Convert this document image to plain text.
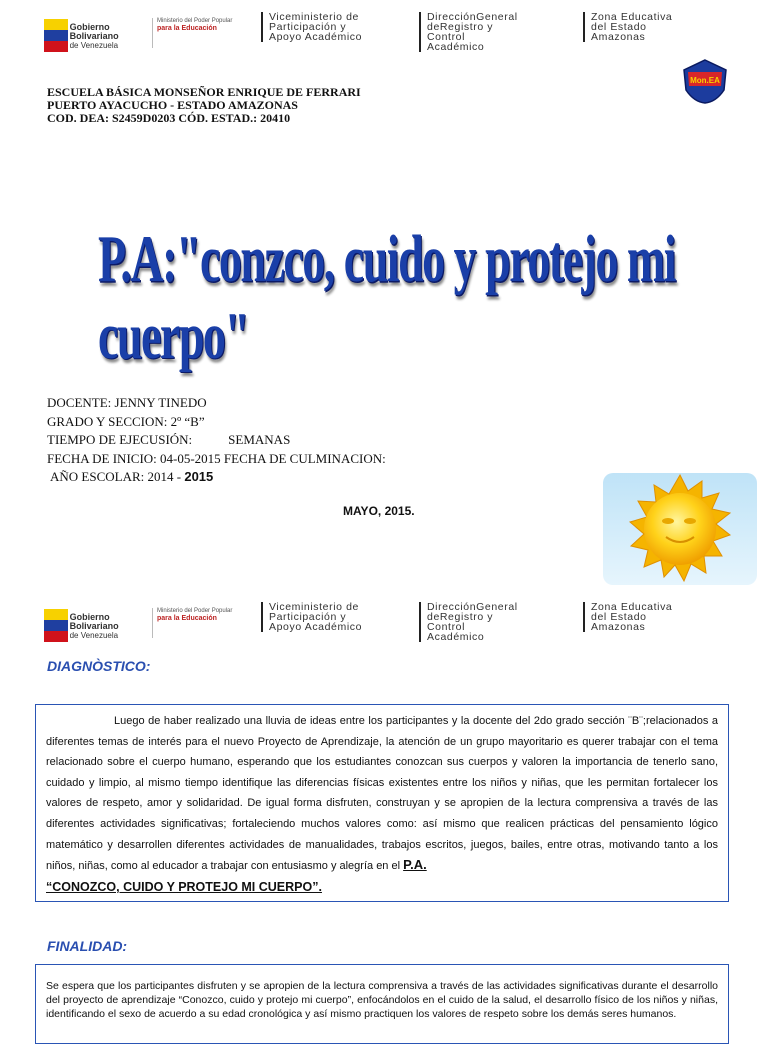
Gobierno Bolivariano
de Venezuela
Ministerio del Poder Popular
para la Educación
Viceministerio de
Participación y
Apoyo Académico
DirecciónGeneral
deRegistro y
Control
Académico
Zona Educativa
del Estado
Amazonas
Mon.EA
ESCUELA BÁSICA MONSEÑOR ENRIQUE DE FERRARI
PUERTO AYACUCHO - ESTADO AMAZONAS
COD. DEA: S2459D0203 CÓD. ESTAD.: 20410
P.A:"conzco, cuido y protejo mi cuerpo"
DOCENTE: JENNY TINEDO
GRADO Y SECCION: 2º “B”
TIEMPO DE EJECUSIÓN:	SEMANAS
FECHA DE INICIO: 04-05-2015 FECHA DE CULMINACION:
AÑO ESCOLAR: 2014 - 2015
MAYO, 2015.
Gobierno Bolivariano
de Venezuela
Ministerio del Poder Popular
para la Educación
Viceministerio de
Participación y
Apoyo Académico
DirecciónGeneral
deRegistro y
Control
Académico
Zona Educativa
del Estado
Amazonas
DIAGNÒSTICO:

Luego de haber realizado una lluvia de ideas entre los participantes y la docente del 2do grado sección ¨B¨;relacionados a diferentes temas de interés para el nuevo Proyecto de Aprendizaje, la atención de un grupo mayoritario es querer trabajar con el tema relacionado sobre el cuerpo humano, esperando que los estudiantes conozcan sus cuerpos y valoren la importancia de tenerlo sano, cuidado y limpio, al mismo tiempo identifique las diferencias físicas existentes entre los niños y niñas, que les permitan fortalecer los valores de respeto, amor y solidaridad. De igual forma disfruten, construyan y se apropien de la lectura comprensiva a través de las diferentes actividades significativas; fortaleciendo muchos valores como: así mismo que realicen prácticas del pensamiento lógico matemático y desarrollen diferentes actividades de manualidades, trabajos escritos, juegos, bailes, entre otras, motivando tanto a los niños, niñas, como al educador a trabajar con entusiasmo y alegría en el P.A.
“CONOZCO, CUIDO Y PROTEJO MI CUERPO”.

FINALIDAD:

Se espera que los participantes disfruten y se apropien de la lectura comprensiva a través de las actividades significativas durante el desarrollo del proyecto de aprendizaje “Conozco, cuido y protejo mi cuerpo”, enfocándolos en el cuido de la salud, el desarrollo físico de los niños y niñas, identificando el sexo de acuerdo a su edad cronológica y así mismo practiquen los valores de respeto sobre los demás seres humanos.
